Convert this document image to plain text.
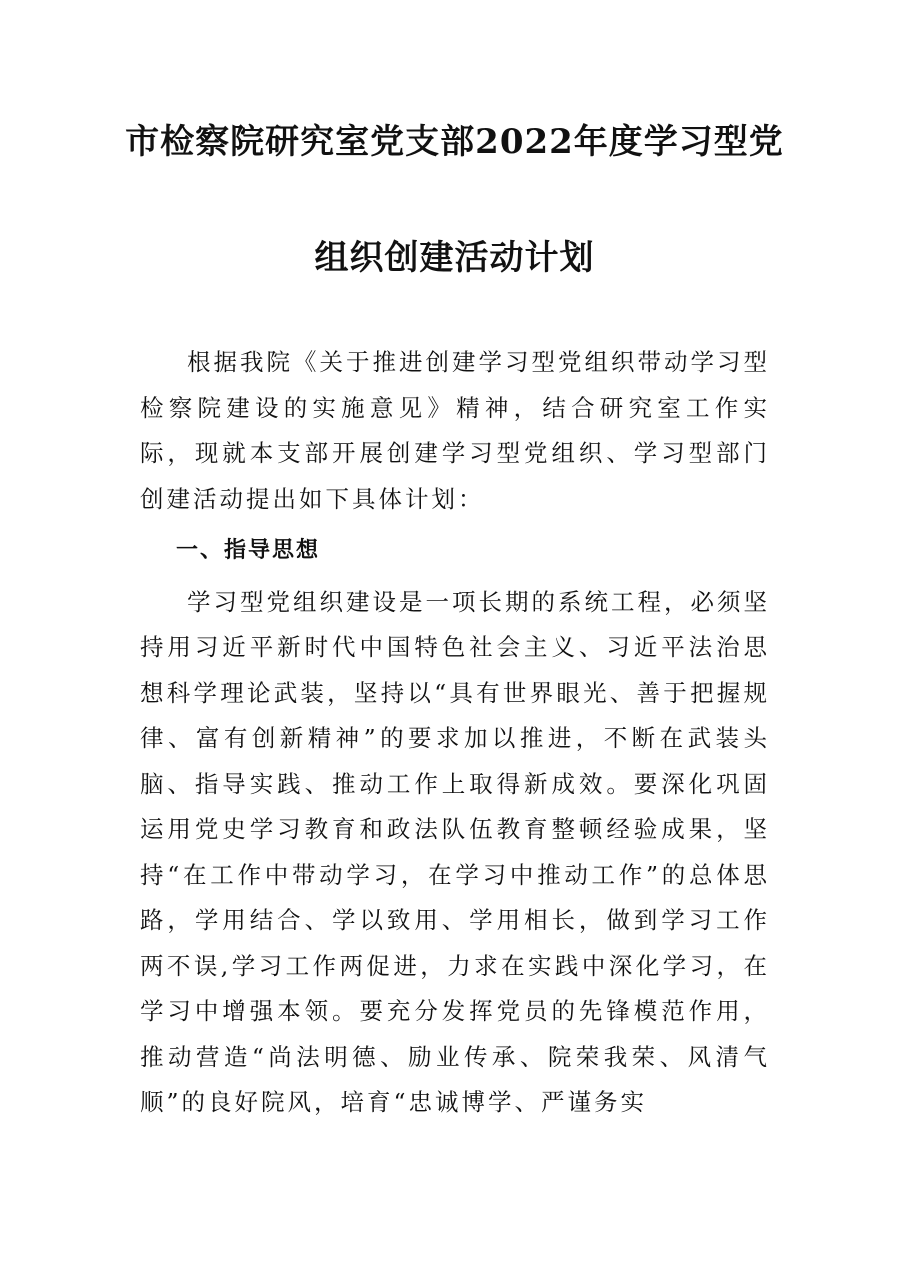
市检察院研究室党支部2022年度学习型党
组织创建活动计划

根据我院《关于推进创建学习型党组织带动学习型检察院建设的实施意见》精神，结合研究室工作实际，现就本支部开展创建学习型党组织、学习型部门创建活动提出如下具体计划：

一、指导思想

学习型党组织建设是一项长期的系统工程，必须坚持用习近平新时代中国特色社会主义、习近平法治思想科学理论武装，坚持以“具有世界眼光、善于把握规律、富有创新精神”的要求加以推进，不断在武装头脑、指导实践、推动工作上取得新成效。要深化巩固运用党史学习教育和政法队伍教育整顿经验成果，坚持“在工作中带动学习，在学习中推动工作”的总体思路，学用结合、学以致用、学用相长，做到学习工作两不误,学习工作两促进，力求在实践中深化学习，在学习中增强本领。要充分发挥党员的先锋模范作用，推动营造“尚法明德、励业传承、院荣我荣、风清气顺”的良好院风，培育“忠诚博学、严谨务实
